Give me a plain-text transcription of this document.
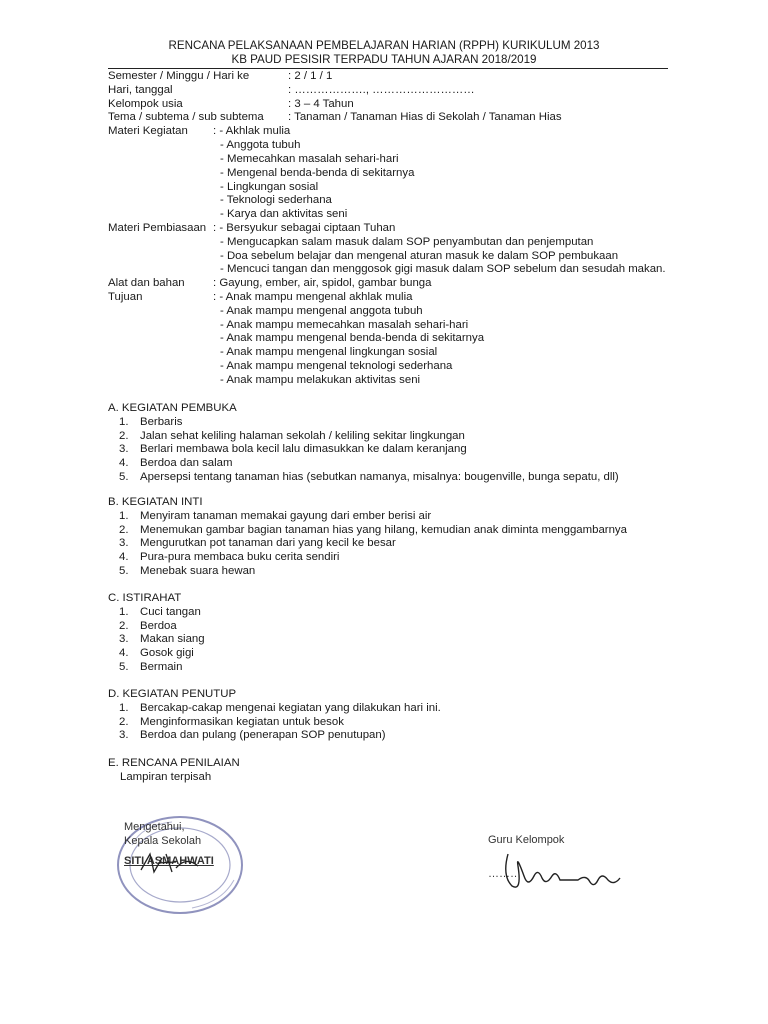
RENCANA PELAKSANAAN PEMBELAJARAN HARIAN (RPPH) KURIKULUM 2013
KB PAUD PESISIR TERPADU TAHUN AJARAN 2018/2019
Semester / Minggu / Hari ke	: 2 / 1 / 1
Hari, tanggal	: ………………., ………………………
Kelompok usia	: 3 – 4 Tahun
Tema / subtema / sub subtema : Tanaman / Tanaman Hias di Sekolah / Tanaman Hias
Materi Kegiatan : - Akhlak mulia
- Anggota tubuh
- Memecahkan masalah sehari-hari
- Mengenal benda-benda di sekitarnya
- Lingkungan sosial
- Teknologi sederhana
- Karya dan aktivitas seni
Materi Pembiasaan : - Bersyukur sebagai ciptaan Tuhan
- Mengucapkan salam masuk dalam SOP penyambutan dan penjemputan
- Doa sebelum belajar dan mengenal aturan masuk ke dalam SOP pembukaan
- Mencuci tangan dan menggosok gigi masuk dalam SOP sebelum dan sesudah makan.
Alat dan bahan : Gayung, ember, air, spidol, gambar bunga
Tujuan	: - Anak mampu mengenal akhlak mulia
- Anak mampu mengenal anggota tubuh
- Anak mampu memecahkan masalah sehari-hari
- Anak mampu mengenal benda-benda di sekitarnya
- Anak mampu mengenal lingkungan sosial
- Anak mampu mengenal teknologi sederhana
- Anak mampu melakukan aktivitas seni
A. KEGIATAN PEMBUKA
1. Berbaris
2. Jalan sehat keliling halaman sekolah / keliling sekitar lingkungan
3. Berlari membawa bola kecil lalu dimasukkan ke dalam keranjang
4. Berdoa dan salam
5. Apersepsi tentang tanaman hias (sebutkan namanya, misalnya: bougenville, bunga sepatu, dll)
B. KEGIATAN INTI
1. Menyiram tanaman memakai gayung dari ember berisi air
2. Menemukan gambar bagian tanaman hias yang hilang, kemudian anak diminta menggambarnya
3. Mengurutkan pot tanaman dari yang kecil ke besar
4. Pura-pura membaca buku cerita sendiri
5. Menebak suara hewan
C. ISTIRAHAT
1. Cuci tangan
2. Berdoa
3. Makan siang
4. Gosok gigi
5. Bermain
D. KEGIATAN PENUTUP
1. Bercakap-cakap mengenai kegiatan yang dilakukan hari ini.
2. Menginformasikan kegiatan untuk besok
3. Berdoa dan pulang (penerapan SOP penutupan)
E. RENCANA PENILAIAN
Lampiran terpisah
Mengetahui,
Kepala Sekolah
SITI ASMAHWATI
Guru Kelompok
………
